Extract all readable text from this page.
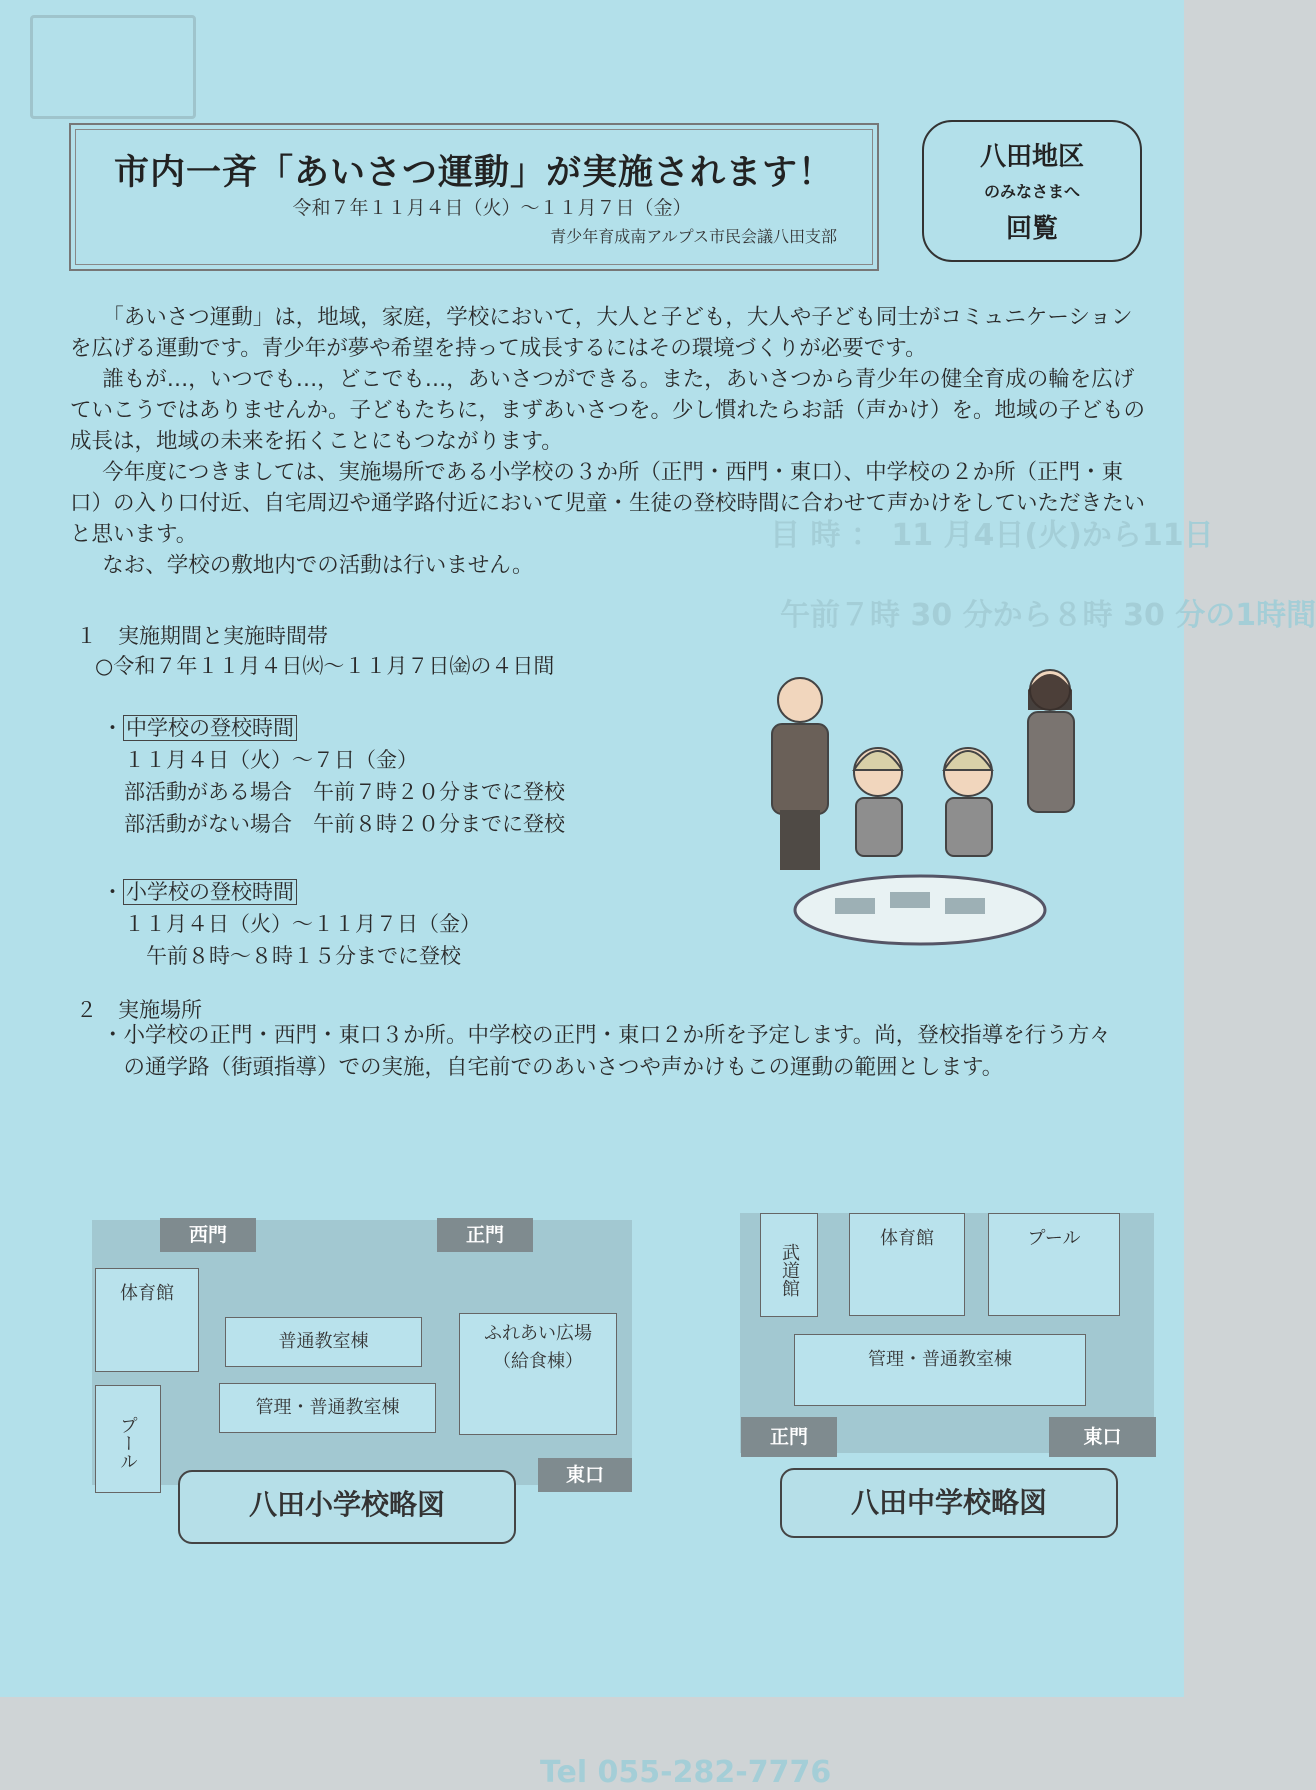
目 時 ： 11 月4日(火)から11日
午前７時 30 分から８時 30 分の1時間
Tel 055-282-7776
市内一斉「あいさつ運動」が実施されます！
令和７年１１月４日（火）～１１月７日（金）
青少年育成南アルプス市民会議八田支部
八田地区
のみなさまへ
回覧

「あいさつ運動」は，地域，家庭，学校において，大人と子ども，大人や子ども同士がコミュニケーションを広げる運動です。青少年が夢や希望を持って成長するにはその環境づくりが必要です。

誰もが…，いつでも…，どこでも…，あいさつができる。また，あいさつから青少年の健全育成の輪を広げていこうではありませんか。子どもたちに，まずあいさつを。少し慣れたらお話（声かけ）を。地域の子どもの成長は，地域の未来を拓くことにもつながります。

今年度につきましては、実施場所である小学校の３か所（正門・西門・東口）、中学校の２か所（正門・東口）の入り口付近、自宅周辺や通学路付近において児童・生徒の登校時間に合わせて声かけをしていただきたいと思います。

なお、学校の敷地内での活動は行いません。

１　実施期間と実施時間帯
○令和７年１１月４日㈫～１１月７日㈮の４日間
・ 中学校の登校時間
１１月４日（火）～７日（金）
部活動がある場合　午前７時２０分までに登校
部活動がない場合　午前８時２０分までに登校
・ 小学校の登校時間
１１月４日（火）～１１月７日（金）
午前８時～８時１５分までに登校
２　実施場所
・ 小学校の正門・西門・東口３か所。中学校の正門・東口２か所を予定します。尚，登校指導を行う方々の通学路（街頭指導）での実施，自宅前でのあいさつや声かけもこの運動の範囲とします。
西門	正門
体育館
普通教室棟
管理・普通教室棟
ふれあい広場
（給食棟）
プール
東口
八田小学校略図
武道館
体育館	プール
管理・普通教室棟
正門	東口
八田中学校略図
